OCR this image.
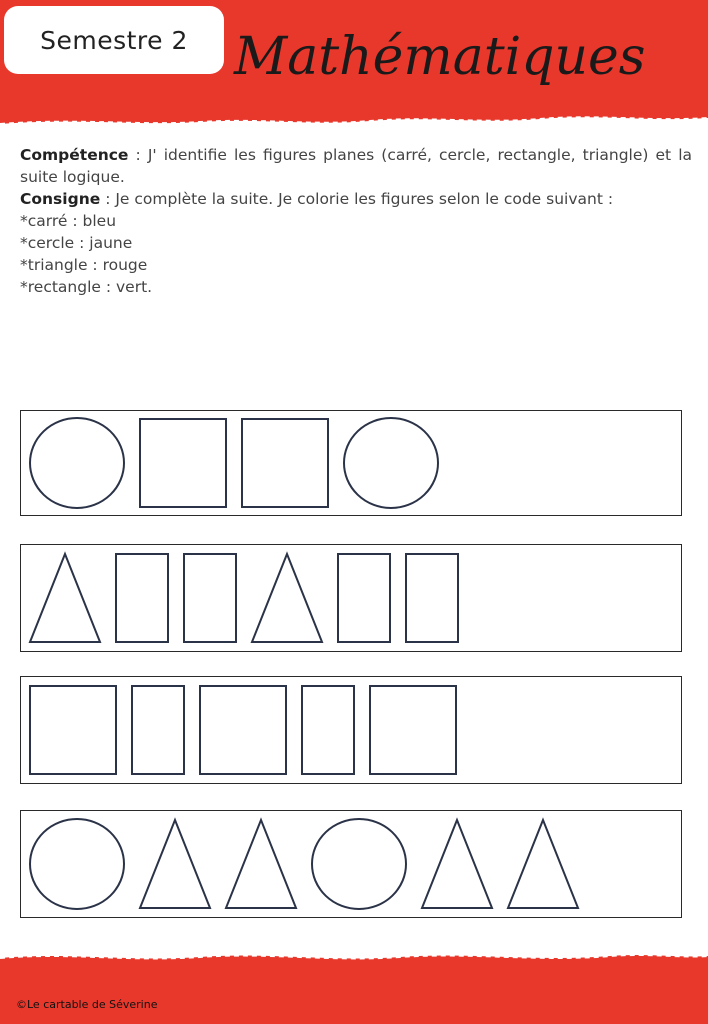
Semestre 2 Mathématiques
Compétence : J' identifie les figures planes (carré, cercle, rectangle, triangle) et la suite logique.
Consigne : Je complète la suite. Je colorie les figures selon le code suivant :
*carré : bleu
*cercle : jaune
*triangle : rouge
*rectangle : vert.
©Le cartable de Séverine
